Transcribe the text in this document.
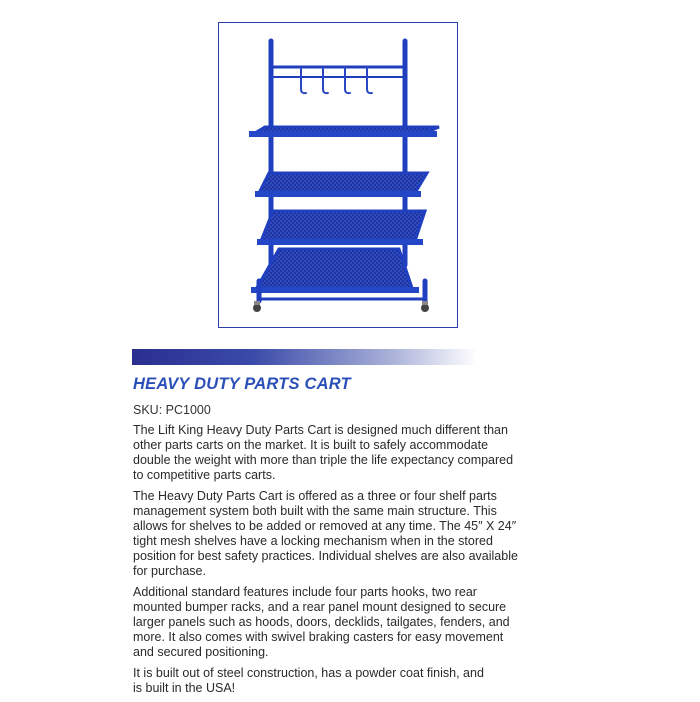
HEAVY DUTY PARTS CART

SKU: PC1000

The Lift King Heavy Duty Parts Cart is designed much different than
other parts carts on the market. It is built to safely accommodate
double the weight with more than triple the life expectancy compared
to competitive parts carts.

The Heavy Duty Parts Cart is offered as a three or four shelf parts
management system both built with the same main structure. This
allows for shelves to be added or removed at any time. The 45″ X 24″
tight mesh shelves have a locking mechanism when in the stored
position for best safety practices. Individual shelves are also available
for purchase.

Additional standard features include four parts hooks, two rear
mounted bumper racks, and a rear panel mount designed to secure
larger panels such as hoods, doors, decklids, tailgates, fenders, and
more. It also comes with swivel braking casters for easy movement
and secured positioning.

It is built out of steel construction, has a powder coat finish, and
is built in the USA!
